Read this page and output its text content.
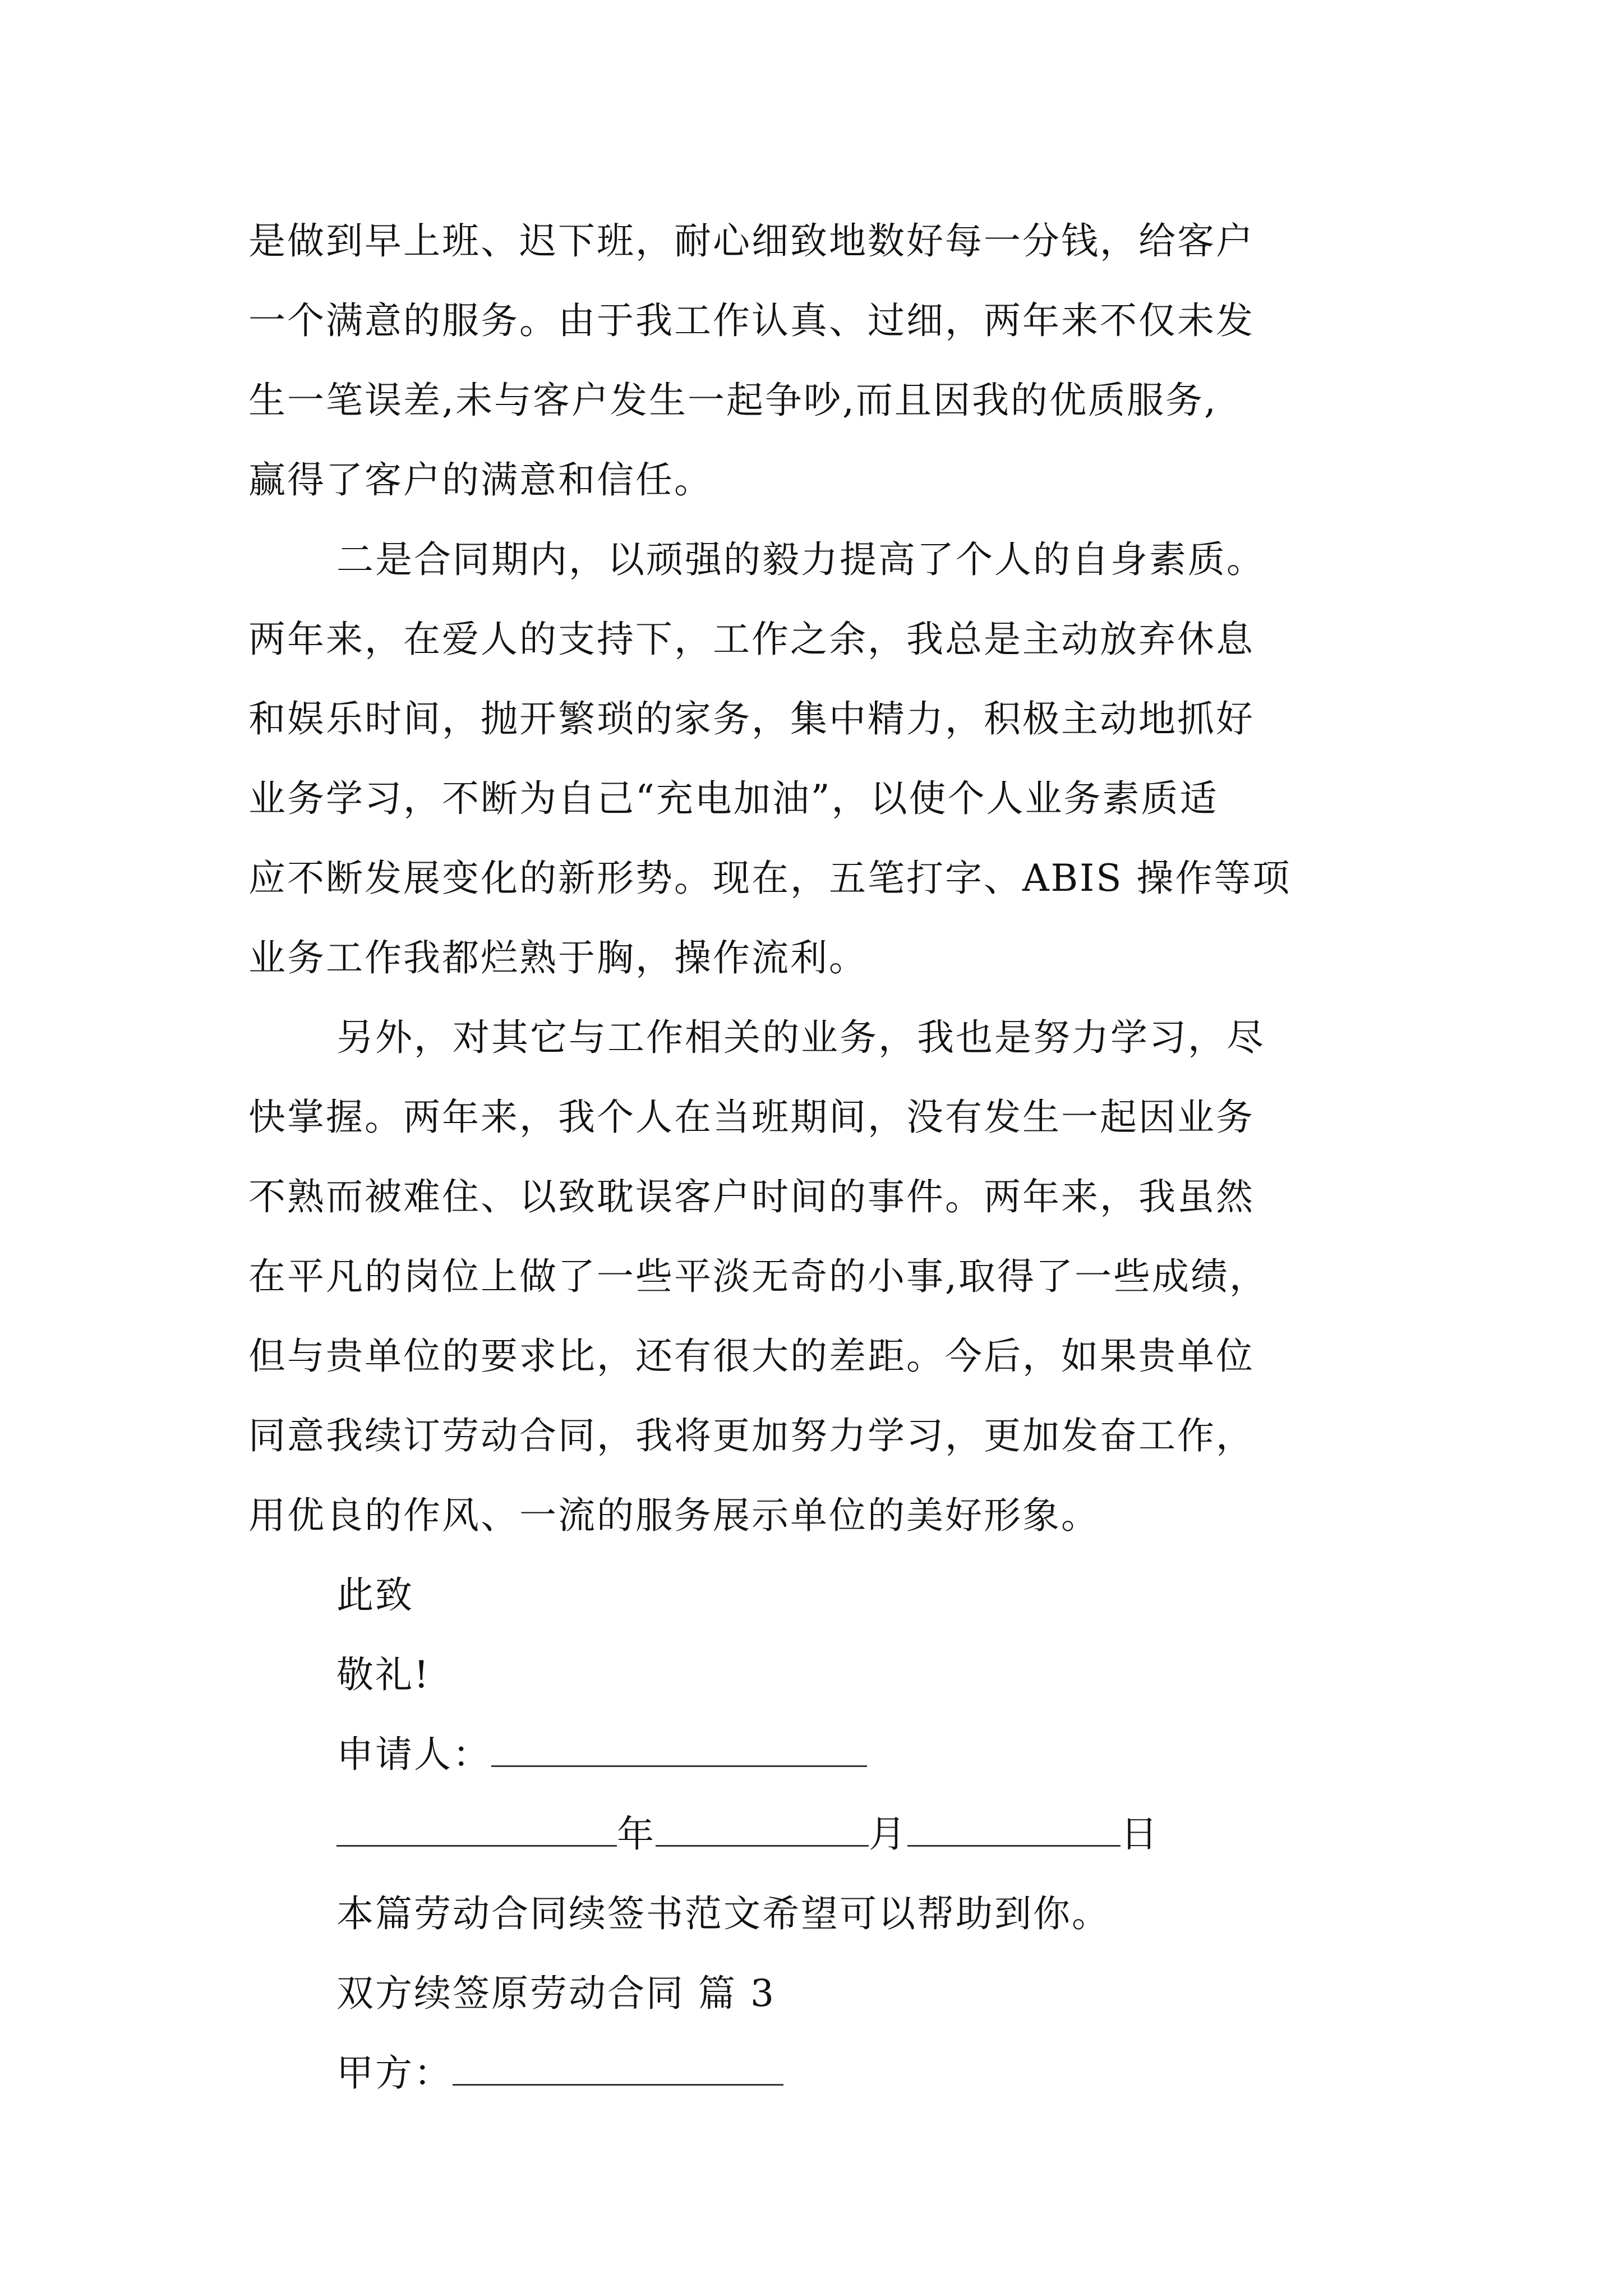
是做到早上班、迟下班，耐心细致地数好每一分钱，给客户
一个满意的服务。由于我工作认真、过细，两年来不仅未发
生一笔误差,未与客户发生一起争吵,而且因我的优质服务,
赢得了客户的满意和信任。
二是合同期内，以顽强的毅力提高了个人的自身素质。
两年来，在爱人的支持下，工作之余，我总是主动放弃休息
和娱乐时间，抛开繁琐的家务，集中精力，积极主动地抓好
业务学习，不断为自己“充电加油”，以使个人业务素质适
应不断发展变化的新形势。现在，五笔打字、ABIS 操作等项
业务工作我都烂熟于胸，操作流利。
另外，对其它与工作相关的业务，我也是努力学习，尽
快掌握。两年来，我个人在当班期间，没有发生一起因业务
不熟而被难住、以致耽误客户时间的事件。两年来，我虽然
在平凡的岗位上做了一些平淡无奇的小事,取得了一些成绩，
但与贵单位的要求比，还有很大的差距。今后，如果贵单位
同意我续订劳动合同，我将更加努力学习，更加发奋工作，
用优良的作风、一流的服务展示单位的美好形象。
此致
敬礼!
申请人：
年	月	日
本篇劳动合同续签书范文希望可以帮助到你。
双方续签原劳动合同 篇 3
甲方：
